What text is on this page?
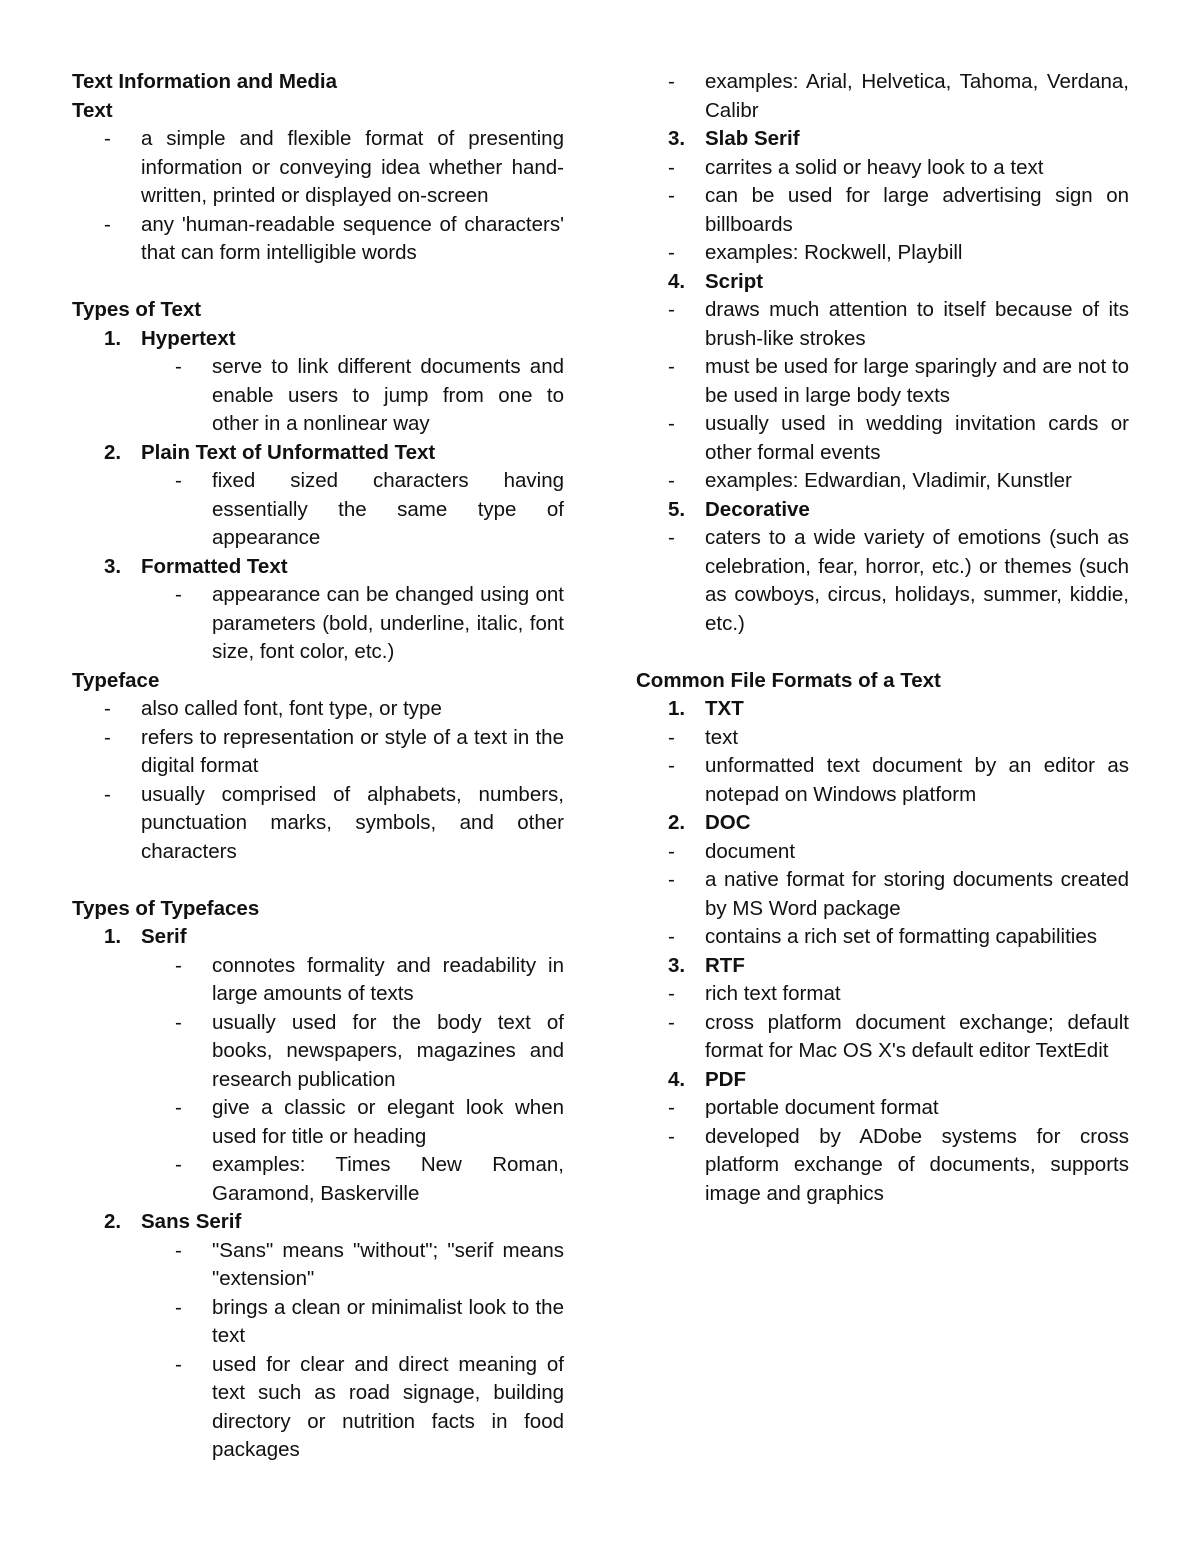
Text Information and Media
Text
- a simple and flexible format of presenting information or conveying idea whether hand-written, printed or displayed on-screen
- any 'human-readable sequence of characters' that can form intelligible words
Types of Text
1. Hypertext
- serve to link different documents and enable users to jump from one to other in a nonlinear way
2. Plain Text of Unformatted Text
- fixed sized characters having essentially the same type of appearance
3. Formatted Text
- appearance can be changed using ont parameters (bold, underline, italic, font size, font color, etc.)
Typeface
- also called font, font type, or type
- refers to representation or style of a text in the digital format
- usually comprised of alphabets, numbers, punctuation marks, symbols, and other characters
Types of Typefaces
1. Serif
- connotes formality and readability in large amounts of texts
- usually used for the body text of books, newspapers, magazines and research publication
- give a classic or elegant look when used for title or heading
- examples: Times New Roman, Garamond, Baskerville
2. Sans Serif
- "Sans" means "without"; "serif means "extension"
- brings a clean or minimalist look to the text
- used for clear and direct meaning of text such as road signage, building directory or nutrition facts in food packages
- examples: Arial, Helvetica, Tahoma, Verdana, Calibr
3. Slab Serif
- carrites a solid or heavy look to a text
- can be used for large advertising sign on billboards
- examples: Rockwell, Playbill
4. Script
- draws much attention to itself because of its brush-like strokes
- must be used for large sparingly and are not to be used in large body texts
- usually used in wedding invitation cards or other formal events
- examples: Edwardian, Vladimir, Kunstler
5. Decorative
- caters to a wide variety of emotions (such as celebration, fear, horror, etc.) or themes (such as cowboys, circus, holidays, summer, kiddie, etc.)
Common File Formats of a Text
1. TXT
- text
- unformatted text document by an editor as notepad on Windows platform
2. DOC
- document
- a native format for storing documents created by MS Word package
- contains a rich set of formatting capabilities
3. RTF
- rich text format
- cross platform document exchange; default format for Mac OS X's default editor TextEdit
4. PDF
- portable document format
- developed by ADobe systems for cross platform exchange of documents, supports image and graphics
